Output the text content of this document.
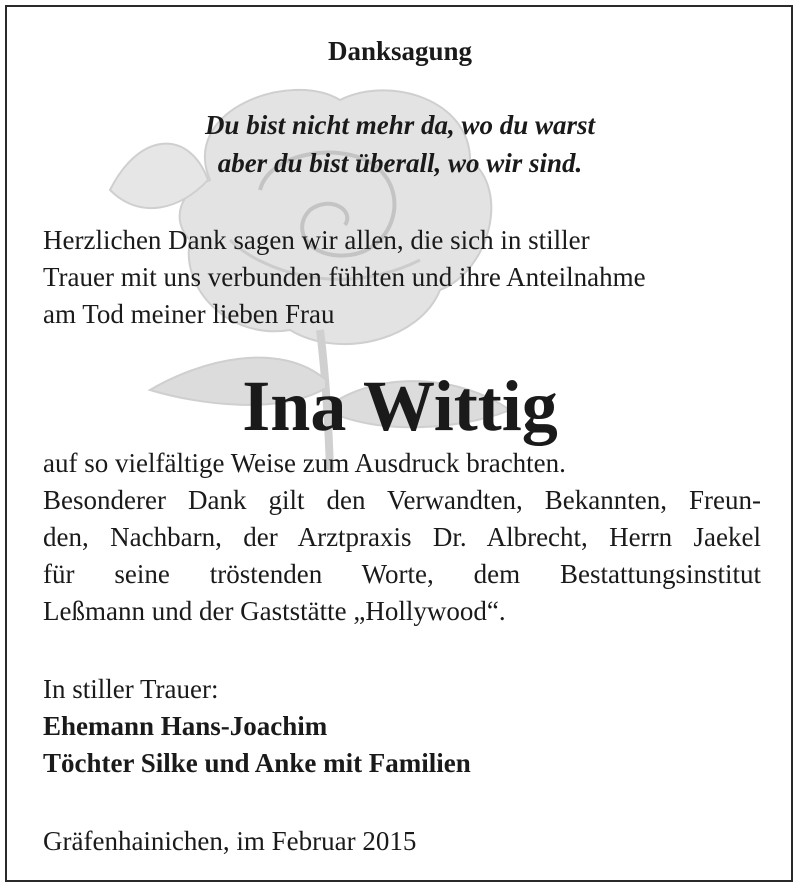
Danksagung
Du bist nicht mehr da, wo du warst
aber du bist überall, wo wir sind.
Herzlichen Dank sagen wir allen, die sich in stiller
Trauer mit uns verbunden fühlten und ihre Anteilnahme
am Tod meiner lieben Frau
Ina Wittig
auf so vielfältige Weise zum Ausdruck brachten.
Besonderer Dank gilt den Verwandten, Bekannten, Freun-
den, Nachbarn, der Arztpraxis Dr. Albrecht, Herrn Jaekel
für seine tröstenden Worte, dem Bestattungsinstitut
Leßmann und der Gaststätte „Hollywood“.
In stiller Trauer:
Ehemann Hans-Joachim
Töchter Silke und Anke mit Familien
Gräfenhainichen, im Februar 2015
